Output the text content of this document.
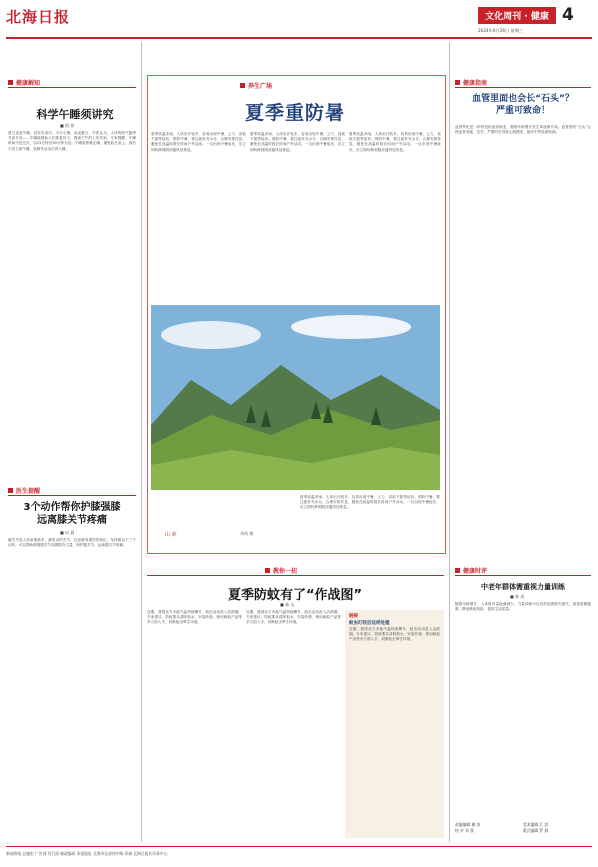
北海日报	文化周刊 · 健康 4
2024年6月26日 星期三
健康解知
科学午睡须讲究
■ 阿 伟
夏日炎炎午睡，其实有讲究。今日小暑，炎炎夏日，中医认为，人体的阳气随季节而升发……午睡能帮助人们恢复体力，提高下午的工作效率。专家提醒，午睡时间不宜过长，以15分钟至30分钟为宜；午睡姿势要正确，避免趴在桌上；饭后不宜立即午睡，宜稍作活动后再入睡。
医生提醒
3个动作帮你护膝强膝
远离膝关节疼痛
■ 向 晨
膝关节是人体承重最多、最复杂的关节，也是最易损伤的部位。坚持做以下三个动作，可以帮助增强膝关节周围肌肉力量，保护膝关节，远离膝关节疼痛。
养生广场
夏季重防暑
夏季高温多雨，人体出汗较多，容易出现中暑、乏力、食欲不振等症状。预防中暑，要注意补充水分，合理安排作息，避免在高温时段长时间户外活动。一旦出现中暑症状，应立即转移到阴凉通风处休息。
夏季高温多雨，人体出汗较多，容易出现中暑、乏力、食欲不振等症状。预防中暑，要注意补充水分，合理安排作息，避免在高温时段长时间户外活动。一旦出现中暑症状，应立即转移到阴凉通风处休息。
夏季高温多雨，人体出汗较多，容易出现中暑、乏力、食欲不振等症状。预防中暑，要注意补充水分，合理安排作息，避免在高温时段长时间户外活动。一旦出现中暑症状，应立即转移到阴凉通风处休息。
山 夢	李尚 摄
夏季高温多雨，人体出汗较多，容易出现中暑、乏力、食欲不振等症状。预防中暑，要注意补充水分，合理安排作息，避免在高温时段长时间户外活动。一旦出现中暑症状，应立即转移到阴凉通风处休息。
教你一招
夏季防蚊有了“作战图”
■ 骆 沅
近期，我国北方多地气温持续攀升，蚊虫活动进入活跃期。专家建议，防蚊要从清除积水、安装纱窗、使用驱蚊产品等多方面入手，切断蚊虫孳生环境。
近期，我国北方多地气温持续攀升，蚊虫活动进入活跃期。专家建议，防蚊要从清除积水、安装纱窗、使用驱蚊产品等多方面入手，切断蚊虫孳生环境。
链接
蚊虫叮咬后这样处理
近期，我国北方多地气温持续攀升，蚊虫活动进入活跃期。专家建议，防蚊要从清除积水、安装纱窗、使用驱蚊产品等多方面入手，切断蚊虫孳生环境。
健康指南
血管里面也会长“石头”？
严重可致命！
血管钙化是一种常见的血管病变，随着年龄增长发生率逐渐升高。血管里的“石头”会使血管变硬、变窄，严重时可导致心肌梗死、脑卒中等致命疾病。
健康时评
中老年群体需重视力量训练
■ 林 成
随着年龄增长，人体肌肉量逐渐减少，力量训练可以有效延缓肌肉流失，改善骨骼健康，降低跌倒风险，提高生活质量。
责编编辑 谢 涛	美术编辑 江 滨
校 对 邓 欣	版式编辑 罗 群
新闻热线 总编室 广告部 发行部 邮政编码 本报地址 北海市北部湾中路 印刷 北海日报社印务中心
